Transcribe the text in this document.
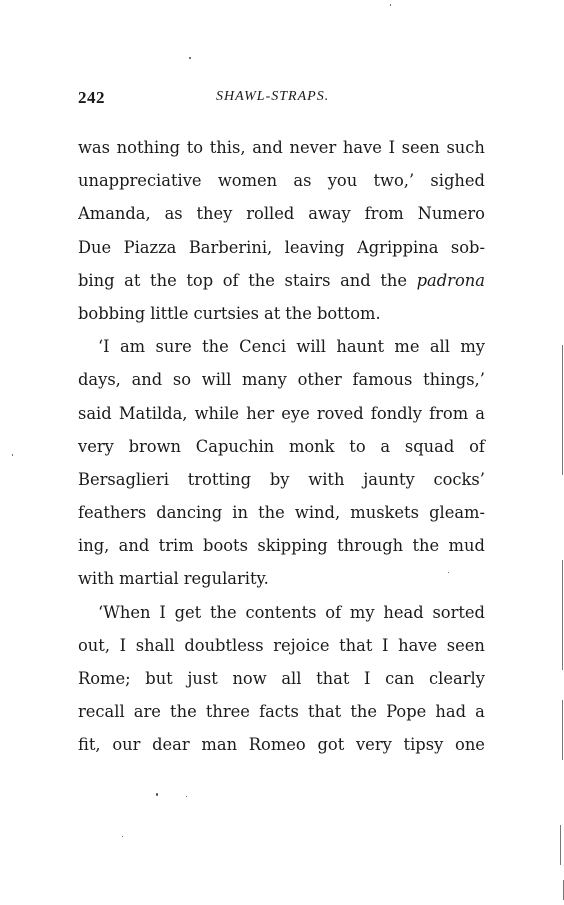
242	SHAWL-STRAPS.
was nothing to this, and never have I seen such
unappreciative women as you two,’ sighed
Amanda, as they rolled away from Numero
Due Piazza Barberini, leaving Agrippina sob-
bing at the top of the stairs and the padrona
bobbing little curtsies at the bottom.
‘I am sure the Cenci will haunt me all my
days, and so will many other famous things,’
said Matilda, while her eye roved fondly from a
very brown Capuchin monk to a squad of
Bersaglieri trotting by with jaunty cocks’
feathers dancing in the wind, muskets gleam-
ing, and trim boots skipping through the mud
with martial regularity.
‘When I get the contents of my head sorted
out, I shall doubtless rejoice that I have seen
Rome; but just now all that I can clearly
recall are the three facts that the Pope had a
fit, our dear man Romeo got very tipsy one
